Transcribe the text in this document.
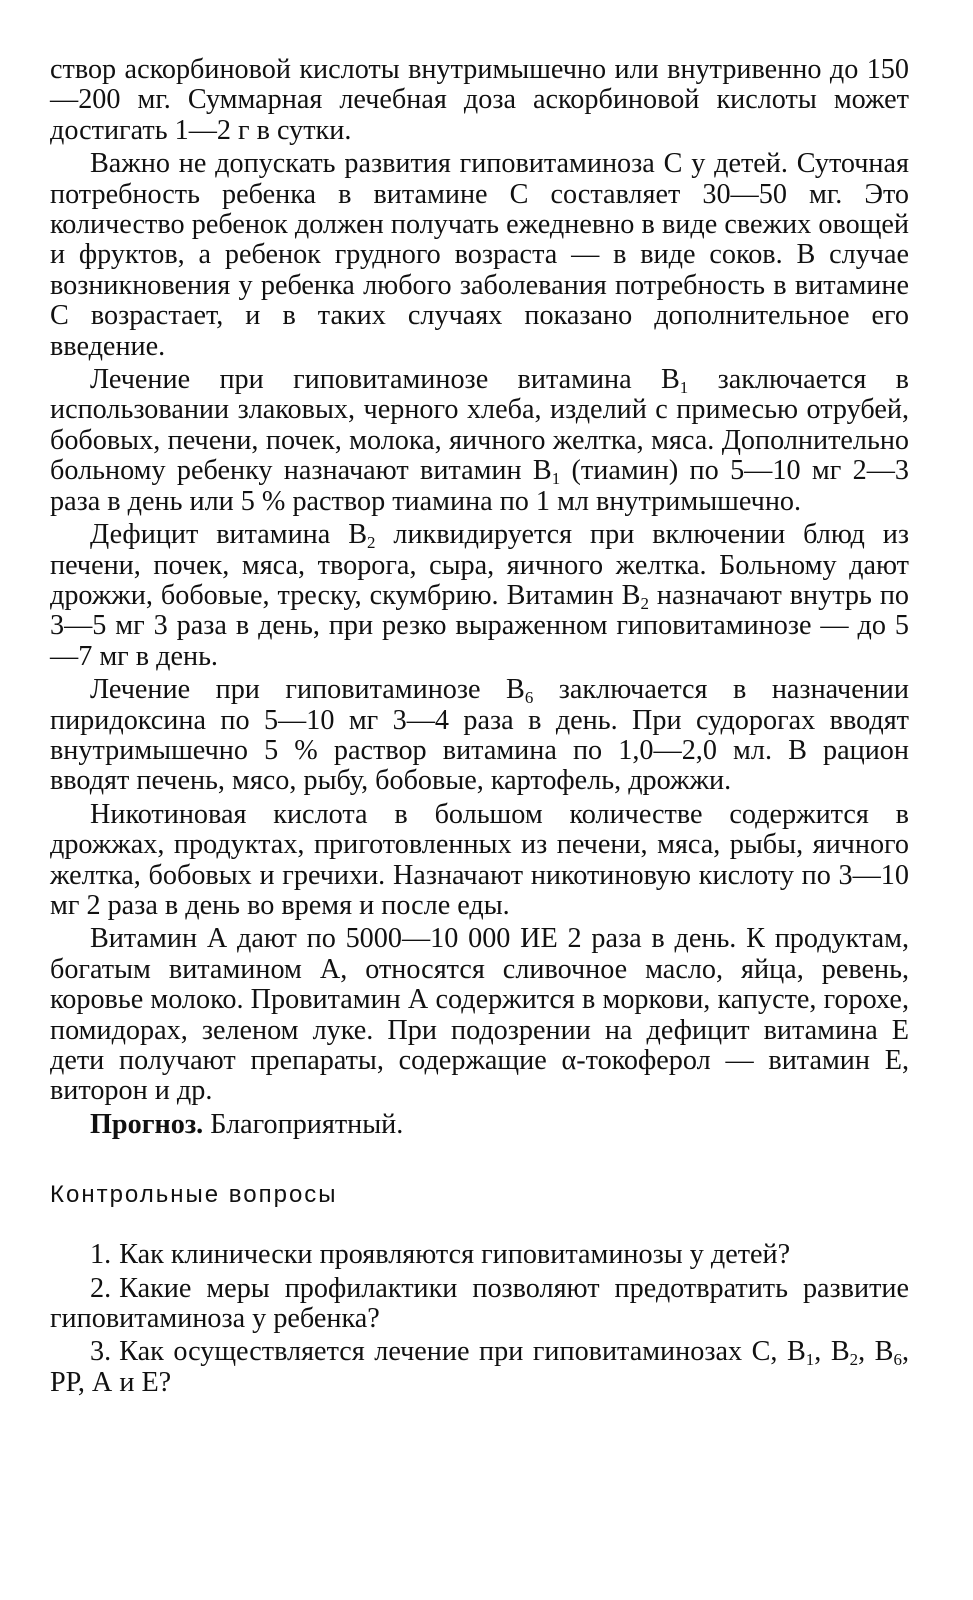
створ аскорбиновой кислоты внутримышечно или внутривенно до 150—200 мг. Суммарная лечебная доза аскорбиновой кислоты может достигать 1—2 г в сутки.

Важно не допускать развития гиповитаминоза С у детей. Суточная потребность ребенка в витамине С составляет 30—50 мг. Это количество ребенок должен получать ежедневно в виде свежих овощей и фруктов, а ребенок грудного возраста — в виде соков. В случае возникновения у ребенка любого заболевания потребность в витамине С возрастает, и в таких случаях показано дополнительное его введение.

Лечение при гиповитаминозе витамина $В_1$ заключается в использовании злаковых, черного хлеба, изделий с примесью отрубей, бобовых, печени, почек, молока, яичного желтка, мяса. Дополнительно больному ребенку назначают витамин $В_1$ (тиамин) по 5—10 мг 2—3 раза в день или 5 % раствор тиамина по 1 мл внутримышечно.

Дефицит витамина $В_2$ ликвидируется при включении блюд из печени, почек, мяса, творога, сыра, яичного желтка. Больному дают дрожжи, бобовые, треску, скумбрию. Витамин $В_2$ назначают внутрь по 3—5 мг 3 раза в день, при резко выраженном гиповитаминозе — до 5—7 мг в день.

Лечение при гиповитаминозе $В_6$ заключается в назначении пиридоксина по 5—10 мг 3—4 раза в день. При судорогах вводят внутримышечно 5 % раствор витамина по 1,0—2,0 мл. В рацион вводят печень, мясо, рыбу, бобовые, картофель, дрожжи.

Никотиновая кислота в большом количестве содержится в дрожжах, продуктах, приготовленных из печени, мяса, рыбы, яичного желтка, бобовых и гречихи. Назначают никотиновую кислоту по 3—10 мг 2 раза в день во время и после еды.

Витамин А дают по 5000—10 000 ИЕ 2 раза в день. К продуктам, богатым витамином А, относятся сливочное масло, яйца, ревень, коровье молоко. Провитамин А содержится в моркови, капусте, горохе, помидорах, зеленом луке. При подозрении на дефицит витамина Е дети получают препараты, содержащие α-токоферол — витамин Е, виторон и др.

Прогноз. Благоприятный.

Контрольные вопросы
1. Как клинически проявляются гиповитаминозы у детей?
2. Какие меры профилактики позволяют предотвратить развитие гиповитаминоза у ребенка?
3. Как осуществляется лечение при гиповитаминозах С, $В_1$, $В_2$, $В_6$, РР, А и Е?
